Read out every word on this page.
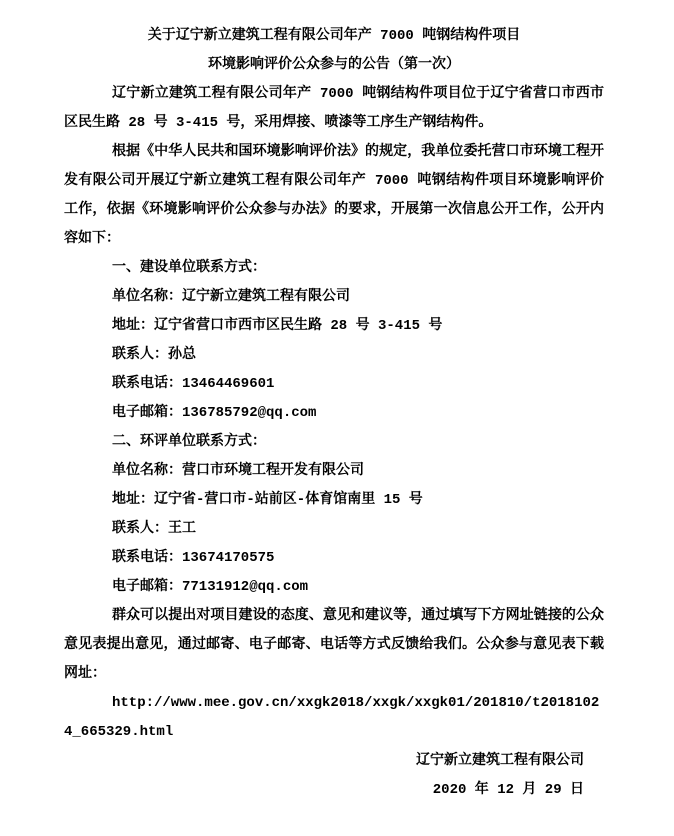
关于辽宁新立建筑工程有限公司年产 7000 吨钢结构件项目

环境影响评价公众参与的公告（第一次）

辽宁新立建筑工程有限公司年产 7000 吨钢结构件项目位于辽宁省营口市西市区民生路 28 号 3-415 号，采用焊接、喷漆等工序生产钢结构件。

根据《中华人民共和国环境影响评价法》的规定，我单位委托营口市环境工程开发有限公司开展辽宁新立建筑工程有限公司年产 7000 吨钢结构件项目环境影响评价工作，依据《环境影响评价公众参与办法》的要求，开展第一次信息公开工作，公开内容如下：

一、建设单位联系方式：

单位名称：辽宁新立建筑工程有限公司

地址：辽宁省营口市西市区民生路 28 号 3-415 号

联系人：孙总

联系电话：13464469601

电子邮箱：136785792@qq.com

二、环评单位联系方式：

单位名称：营口市环境工程开发有限公司

地址：辽宁省-营口市-站前区-体育馆南里 15 号

联系人：王工

联系电话：13674170575

电子邮箱：77131912@qq.com

群众可以提出对项目建设的态度、意见和建议等，通过填写下方网址链接的公众意见表提出意见，通过邮寄、电子邮寄、电话等方式反馈给我们。公众参与意见表下载网址：

http://www.mee.gov.cn/xxgk2018/xxgk/xxgk01/201810/t20181024_665329.html

辽宁新立建筑工程有限公司

2020 年 12 月 29 日
